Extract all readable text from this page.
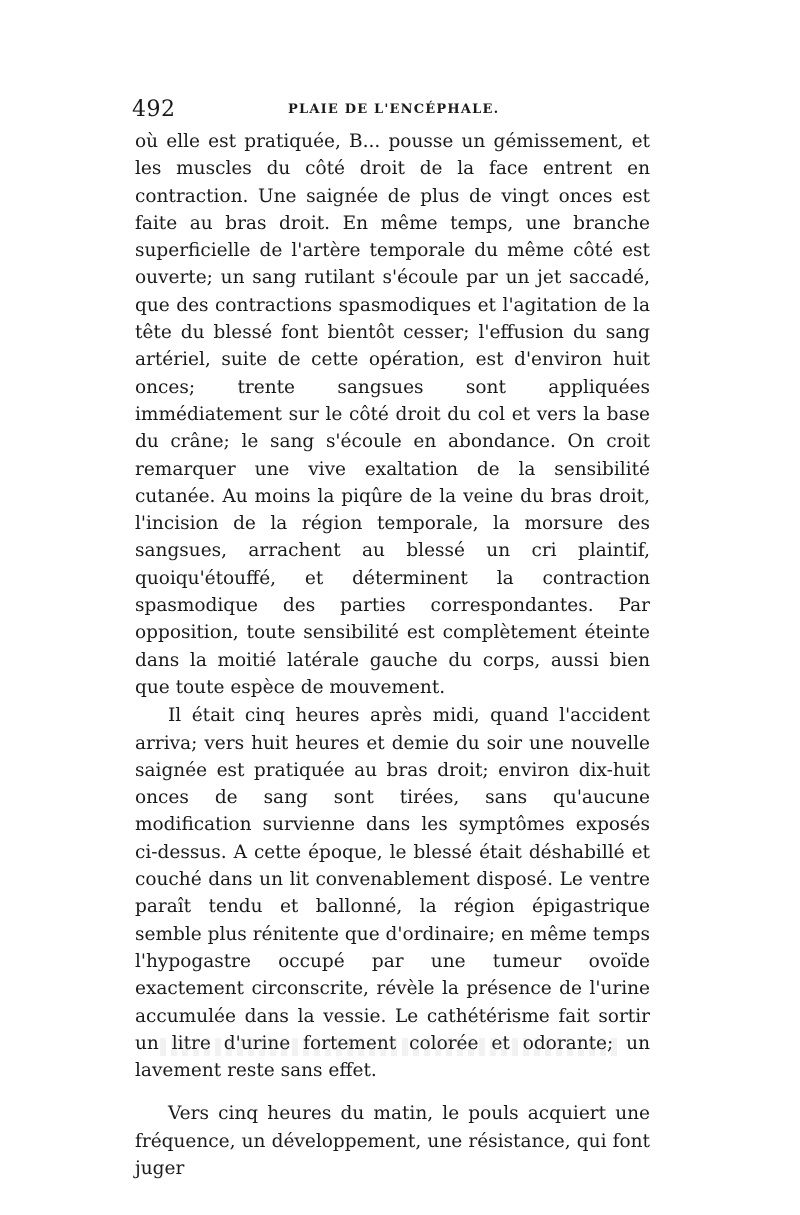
492	PLAIE DE L'ENCÉPHALE.

où elle est pratiquée, B... pousse un gémissement, et les muscles du côté droit de la face entrent en contraction. Une saignée de plus de vingt onces est faite au bras droit. En même temps, une branche superficielle de l'artère temporale du même côté est ouverte; un sang rutilant s'écoule par un jet saccadé, que des contractions spasmodiques et l'agitation de la tête du blessé font bientôt cesser; l'effusion du sang artériel, suite de cette opération, est d'environ huit onces; trente sangsues sont appliquées immédiatement sur le côté droit du col et vers la base du crâne; le sang s'écoule en abondance. On croit remarquer une vive exaltation de la sensibilité cutanée. Au moins la piqûre de la veine du bras droit, l'incision de la région temporale, la morsure des sangsues, arrachent au blessé un cri plaintif, quoiqu'étouffé, et déterminent la contraction spasmodique des parties correspondantes. Par opposition, toute sensibilité est complètement éteinte dans la moitié latérale gauche du corps, aussi bien que toute espèce de mouvement.

Il était cinq heures après midi, quand l'accident arriva; vers huit heures et demie du soir une nouvelle saignée est pratiquée au bras droit; environ dix-huit onces de sang sont tirées, sans qu'aucune modification survienne dans les symptômes exposés ci-dessus. A cette époque, le blessé était déshabillé et couché dans un lit convenablement disposé. Le ventre paraît tendu et ballonné, la région épigastrique semble plus rénitente que d'ordinaire; en même temps l'hypogastre occupé par une tumeur ovoïde exactement circonscrite, révèle la présence de l'urine accumulée dans la vessie. Le cathétérisme fait sortir un litre d'urine fortement colorée et odorante; un lavement reste sans effet.

Vers cinq heures du matin, le pouls acquiert une fréquence, un développement, une résistance, qui font juger
